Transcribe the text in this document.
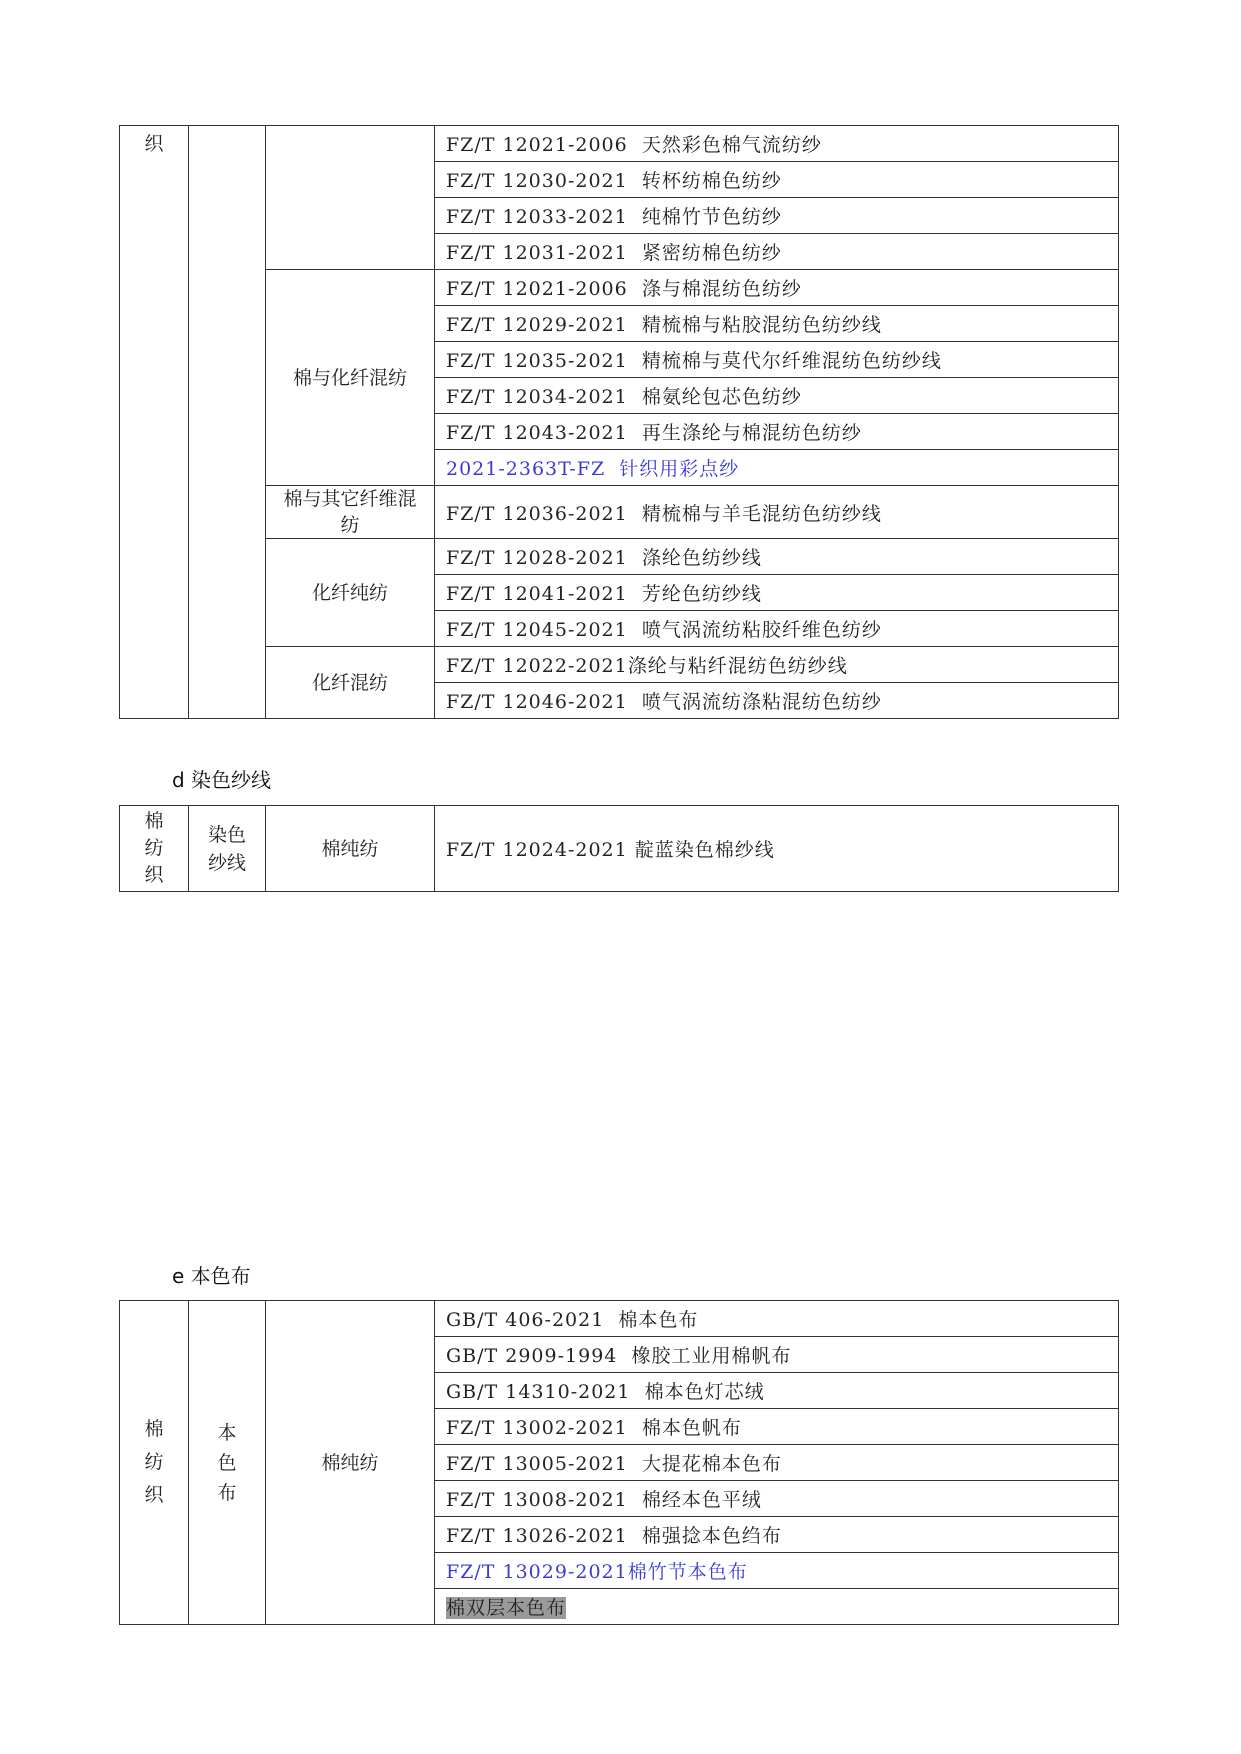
织			FZ/T 12021-2006 天然彩色棉气流纺纱
			FZ/T 12030-2021 转杯纺棉色纺纱
			FZ/T 12033-2021 纯棉竹节色纺纱
			FZ/T 12031-2021 紧密纺棉色纺纱
		棉与化纤混纺	FZ/T 12021-2006 涤与棉混纺色纺纱
			FZ/T 12029-2021 精梳棉与粘胶混纺色纺纱线
			FZ/T 12035-2021 精梳棉与莫代尔纤维混纺色纺纱线
			FZ/T 12034-2021 棉氨纶包芯色纺纱
			FZ/T 12043-2021 再生涤纶与棉混纺色纺纱
			2021-2363T-FZ 针织用彩点纱
		棉与其它纤维混纺	FZ/T 12036-2021 精梳棉与羊毛混纺色纺纱线
		化纤纯纺	FZ/T 12028-2021 涤纶色纺纱线
			FZ/T 12041-2021 芳纶色纺纱线
			FZ/T 12045-2021 喷气涡流纺粘胶纤维色纺纱
		化纤混纺	FZ/T 12022-2021涤纶与粘纤混纺色纺纱线
			FZ/T 12046-2021 喷气涡流纺涤粘混纺色纺纱
d 染色纱线
棉纺织	染色纱线	棉纯纺	FZ/T 12024-2021 靛蓝染色棉纱线
e 本色布
棉纺织	本色布	棉纯纺	GB/T 406-2021 棉本色布
GB/T 2909-1994 橡胶工业用棉帆布
GB/T 14310-2021 棉本色灯芯绒
FZ/T 13002-2021 棉本色帆布
FZ/T 13005-2021 大提花棉本色布
FZ/T 13008-2021 棉经本色平绒
FZ/T 13026-2021 棉强捻本色绉布
FZ/T 13029-2021棉竹节本色布
棉双层本色布
